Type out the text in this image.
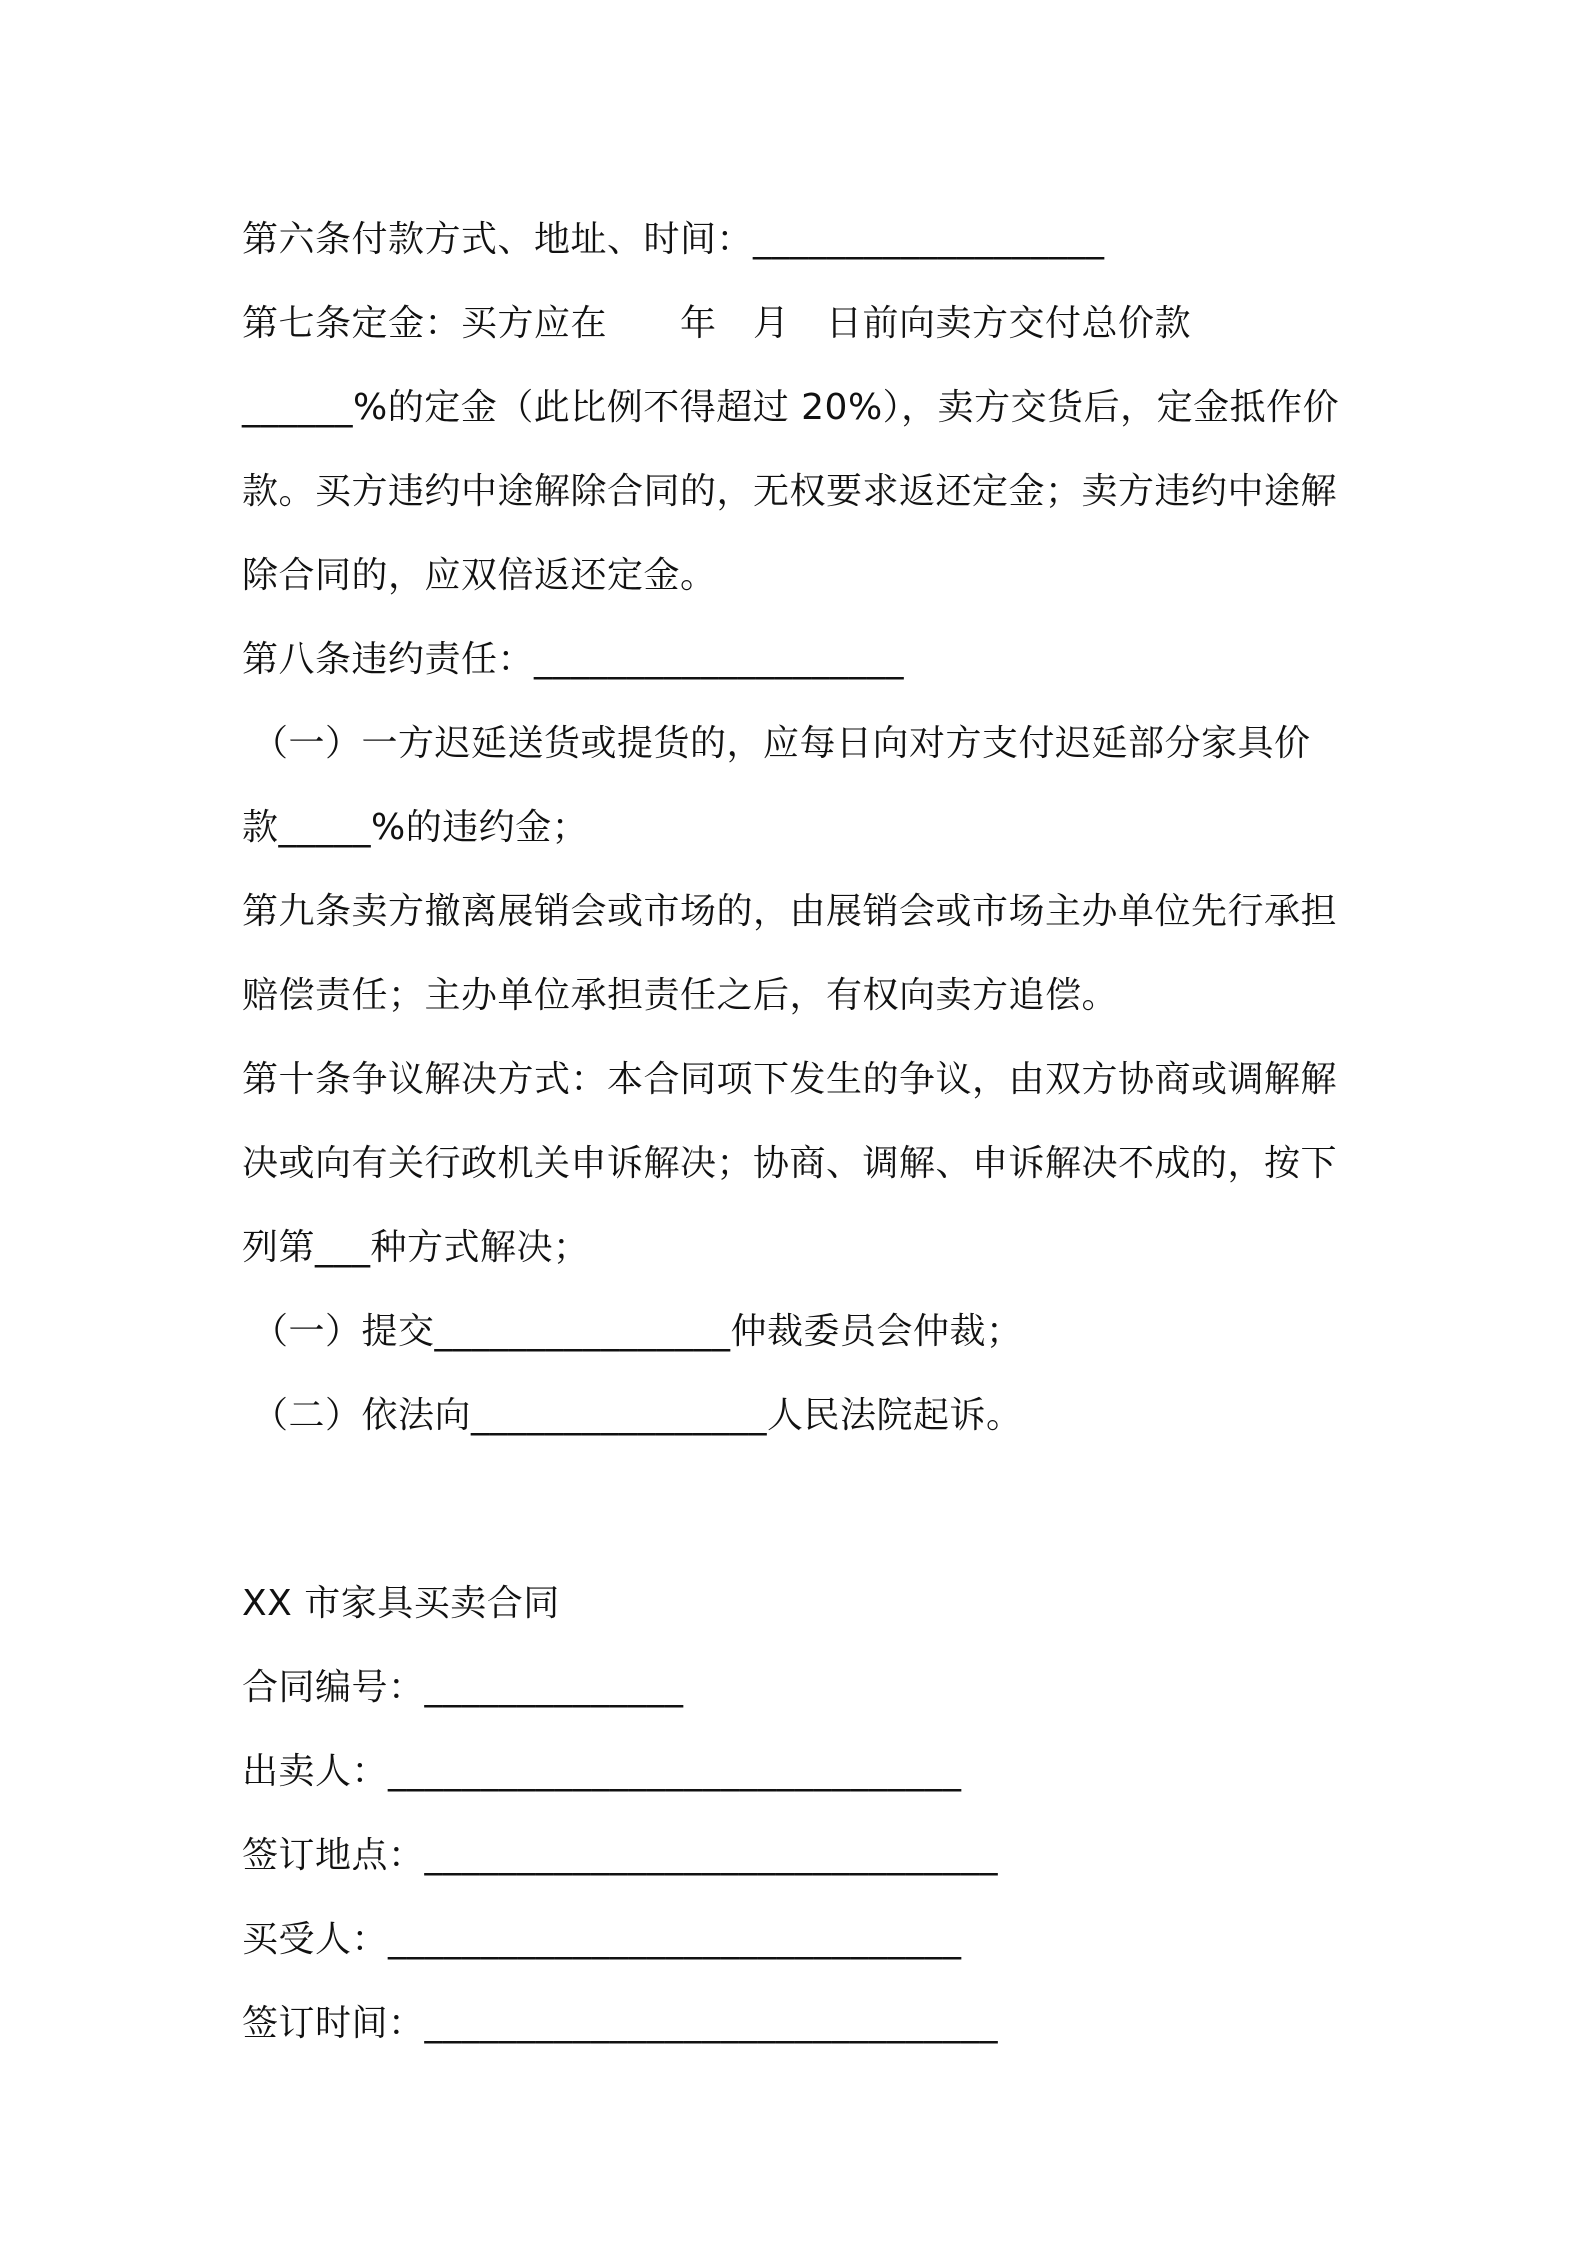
第六条付款方式、地址、时间：___________________
第七条定金：买方应在　　年　月　日前向卖方交付总价款
______%的定金（此比例不得超过 20%），卖方交货后，定金抵作价
款。买方违约中途解除合同的，无权要求返还定金；卖方违约中途解
除合同的，应双倍返还定金。
第八条违约责任：____________________
（一）一方迟延送货或提货的，应每日向对方支付迟延部分家具价
款_____%的违约金；
第九条卖方撤离展销会或市场的，由展销会或市场主办单位先行承担
赔偿责任；主办单位承担责任之后，有权向卖方追偿。
第十条争议解决方式：本合同项下发生的争议，由双方协商或调解解
决或向有关行政机关申诉解决；协商、调解、申诉解决不成的，按下
列第___种方式解决；
（一）提交________________仲裁委员会仲裁；
（二）依法向________________人民法院起诉。
XX 市家具买卖合同
合同编号：______________
出卖人：_______________________________
签订地点：_______________________________
买受人：_______________________________
签订时间：_______________________________
